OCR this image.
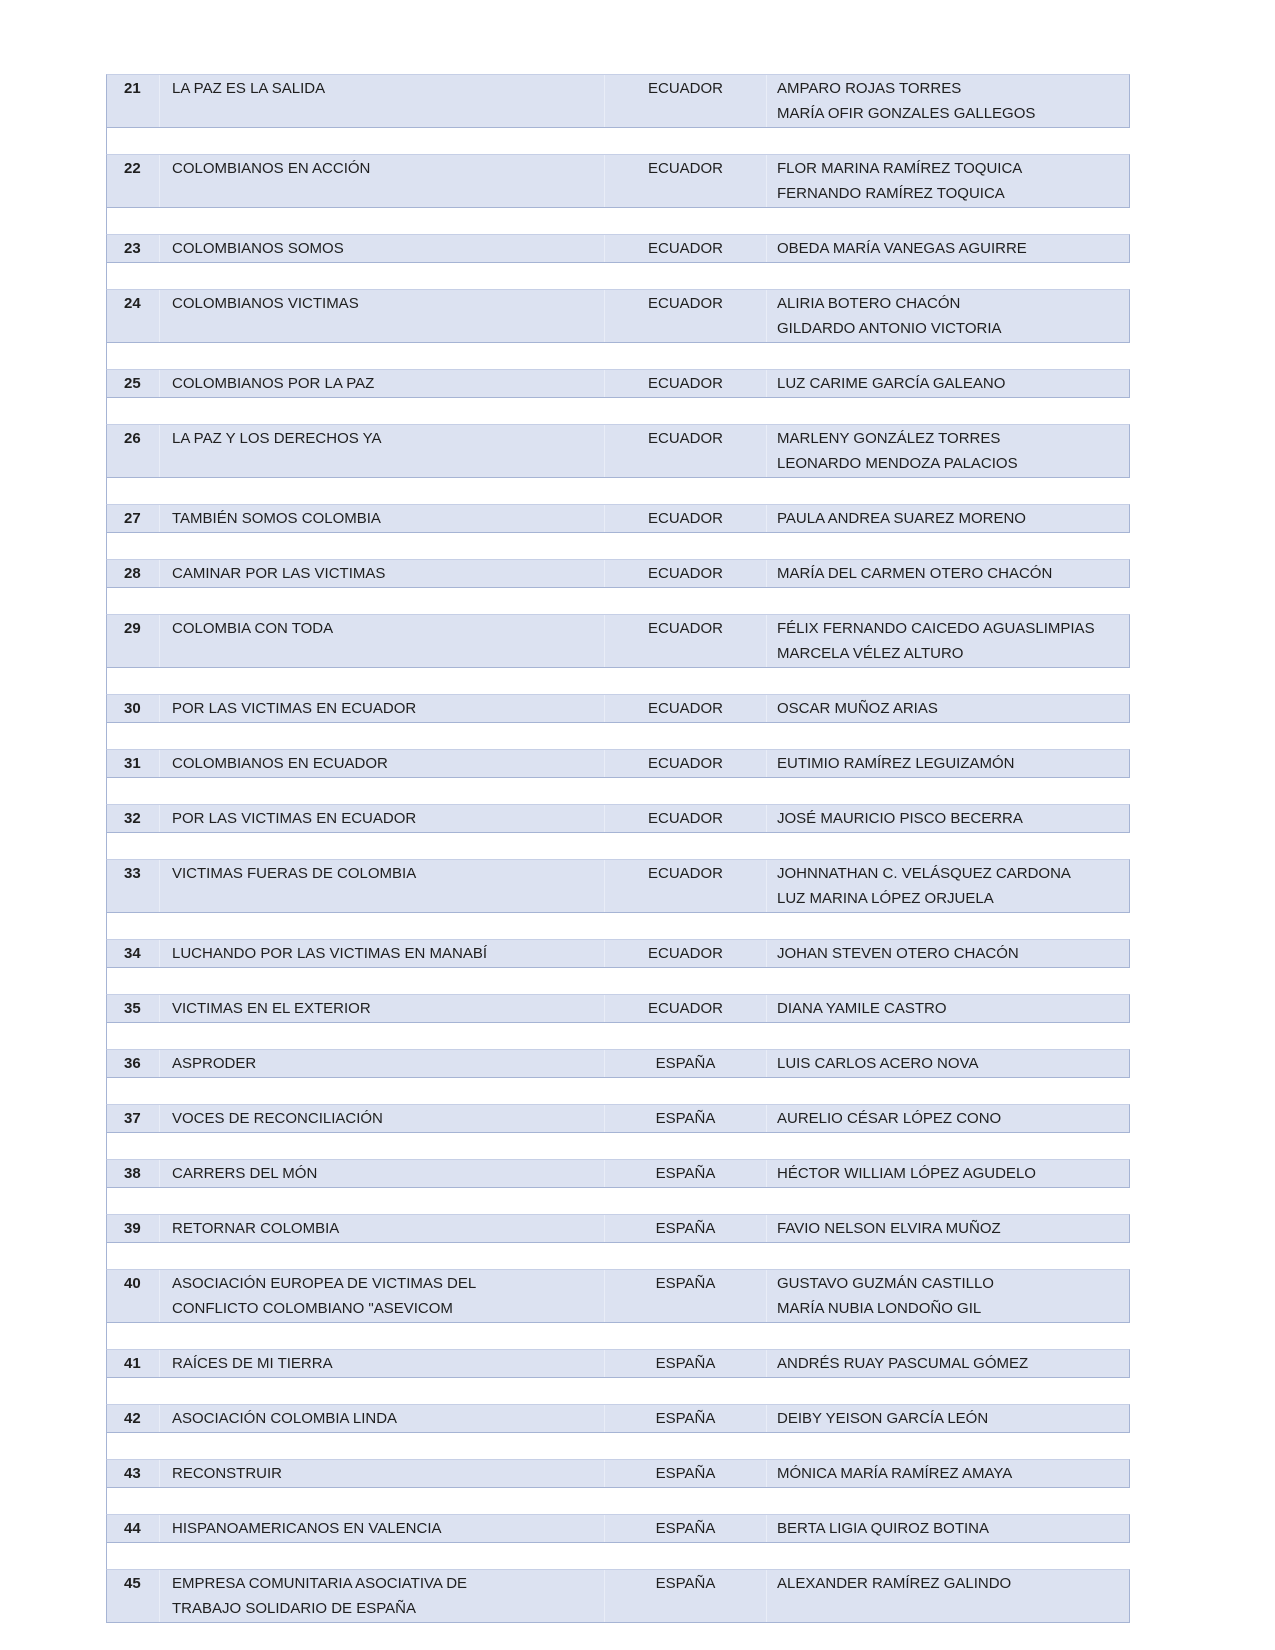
21	LA PAZ ES LA SALIDA	ECUADOR	AMPARO ROJAS TORRES
MARÍA OFIR GONZALES GALLEGOS
22	COLOMBIANOS EN ACCIÓN	ECUADOR	FLOR MARINA RAMÍREZ TOQUICA
FERNANDO RAMÍREZ TOQUICA
23	COLOMBIANOS SOMOS	ECUADOR	OBEDA MARÍA VANEGAS AGUIRRE
24	COLOMBIANOS VICTIMAS	ECUADOR	ALIRIA BOTERO CHACÓN
GILDARDO ANTONIO VICTORIA
25	COLOMBIANOS POR LA PAZ	ECUADOR	LUZ CARIME GARCÍA GALEANO
26	LA PAZ Y LOS DERECHOS YA	ECUADOR	MARLENY GONZÁLEZ TORRES
LEONARDO MENDOZA PALACIOS
27	TAMBIÉN SOMOS COLOMBIA	ECUADOR	PAULA ANDREA SUAREZ MORENO
28	CAMINAR POR LAS VICTIMAS	ECUADOR	MARÍA DEL CARMEN OTERO CHACÓN
29	COLOMBIA CON TODA	ECUADOR	FÉLIX FERNANDO CAICEDO AGUASLIMPIAS
MARCELA VÉLEZ ALTURO
30	POR LAS VICTIMAS EN ECUADOR	ECUADOR	OSCAR MUÑOZ ARIAS
31	COLOMBIANOS EN ECUADOR	ECUADOR	EUTIMIO RAMÍREZ LEGUIZAMÓN
32	POR LAS VICTIMAS EN ECUADOR	ECUADOR	JOSÉ MAURICIO PISCO BECERRA
33	VICTIMAS FUERAS DE COLOMBIA	ECUADOR	JOHNNATHAN C. VELÁSQUEZ CARDONA
LUZ MARINA LÓPEZ ORJUELA
34	LUCHANDO POR LAS VICTIMAS EN MANABÍ	ECUADOR	JOHAN STEVEN OTERO CHACÓN
35	VICTIMAS EN EL EXTERIOR	ECUADOR	DIANA YAMILE CASTRO
36	ASPRODER	ESPAÑA	LUIS CARLOS ACERO NOVA
37	VOCES DE RECONCILIACIÓN	ESPAÑA	AURELIO CÉSAR LÓPEZ CONO
38	CARRERS DEL MÓN	ESPAÑA	HÉCTOR WILLIAM LÓPEZ AGUDELO
39	RETORNAR COLOMBIA	ESPAÑA	FAVIO NELSON ELVIRA MUÑOZ
40	ASOCIACIÓN EUROPEA DE VICTIMAS DEL
CONFLICTO COLOMBIANO "ASEVICOM
ESPAÑA	GUSTAVO GUZMÁN CASTILLO
MARÍA NUBIA LONDOÑO GIL
41	RAÍCES DE MI TIERRA	ESPAÑA	ANDRÉS RUAY PASCUMAL GÓMEZ
42	ASOCIACIÓN COLOMBIA LINDA	ESPAÑA	DEIBY YEISON GARCÍA LEÓN
43	RECONSTRUIR	ESPAÑA	MÓNICA MARÍA RAMÍREZ AMAYA
44	HISPANOAMERICANOS EN VALENCIA	ESPAÑA	BERTA LIGIA QUIROZ BOTINA
45	EMPRESA COMUNITARIA ASOCIATIVA DE
TRABAJO SOLIDARIO DE ESPAÑA
ESPAÑA	ALEXANDER RAMÍREZ GALINDO
